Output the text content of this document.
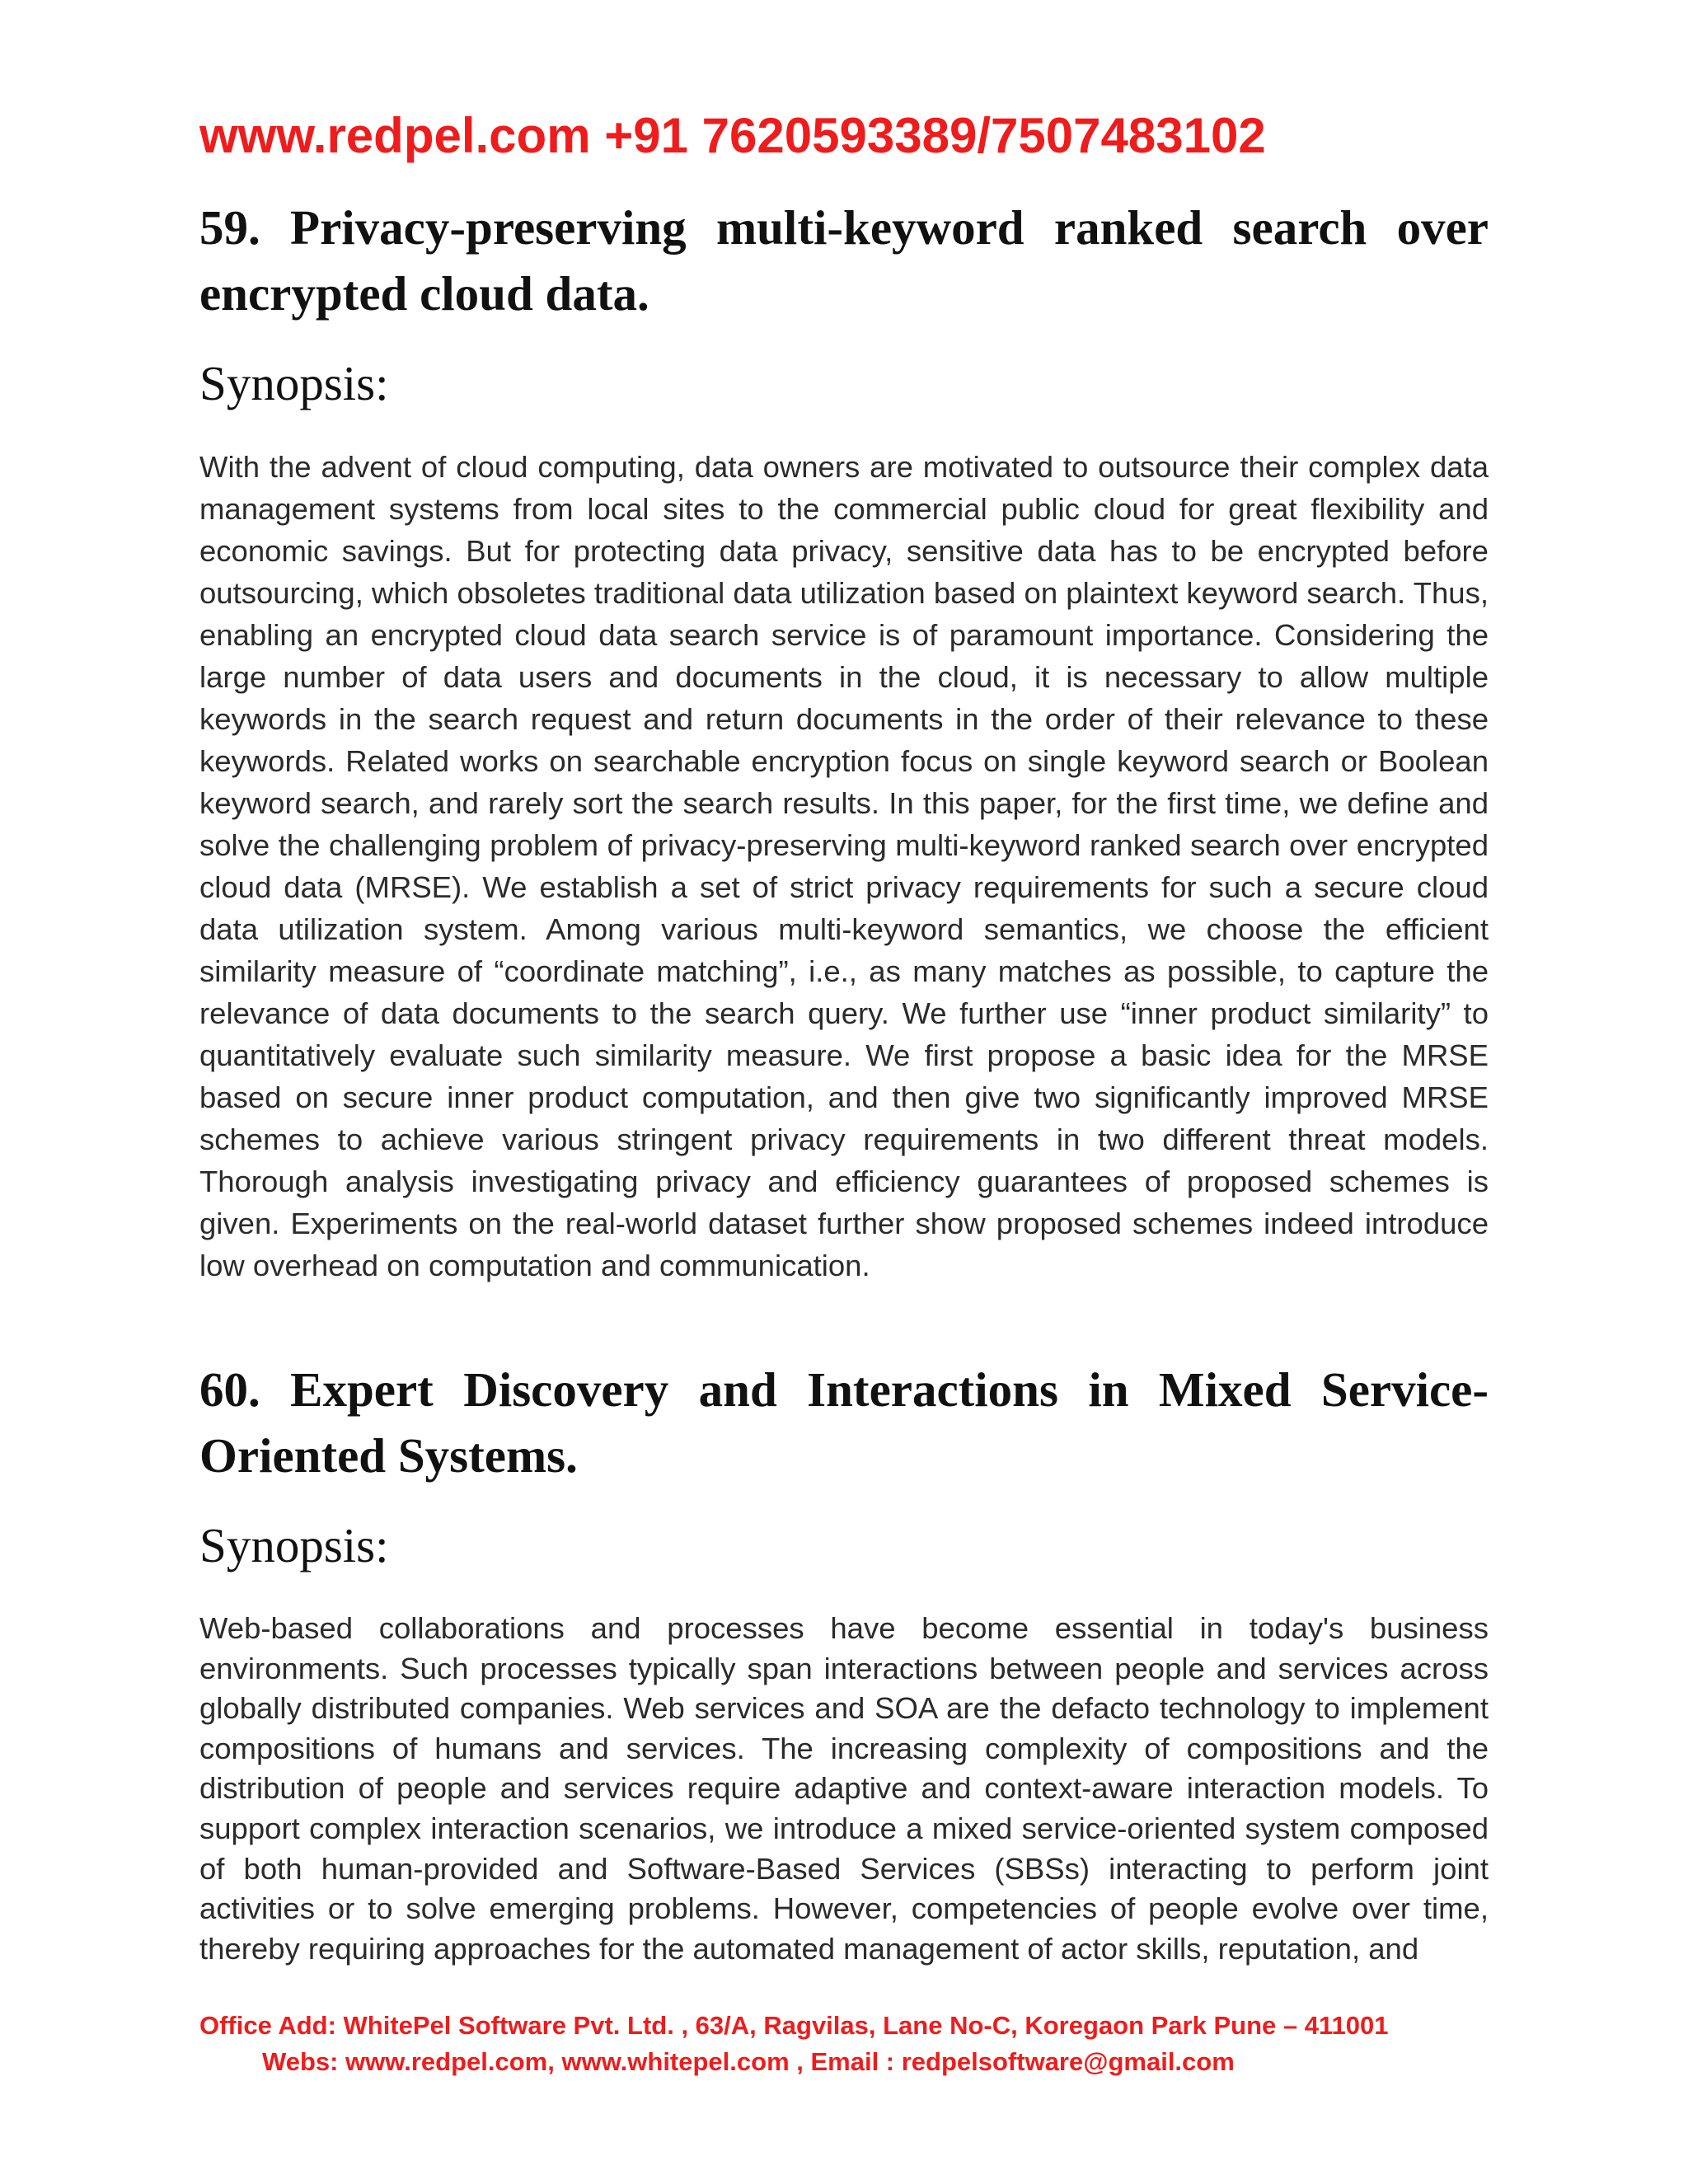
www.redpel.com +91 7620593389/7507483102
59. Privacy-preserving multi-keyword ranked search over encrypted cloud data.
Synopsis:

With the advent of cloud computing, data owners are motivated to outsource their complex data management systems from local sites to the commercial public cloud for great flexibility and economic savings. But for protecting data privacy, sensitive data has to be encrypted before outsourcing, which obsoletes traditional data utilization based on plaintext keyword search. Thus, enabling an encrypted cloud data search service is of paramount importance. Considering the large number of data users and documents in the cloud, it is necessary to allow multiple keywords in the search request and return documents in the order of their relevance to these keywords. Related works on searchable encryption focus on single keyword search or Boolean keyword search, and rarely sort the search results. In this paper, for the first time, we define and solve the challenging problem of privacy-preserving multi-keyword ranked search over encrypted cloud data (MRSE). We establish a set of strict privacy requirements for such a secure cloud data utilization system. Among various multi-keyword semantics, we choose the efficient similarity measure of “coordinate matching”, i.e., as many matches as possible, to capture the relevance of data documents to the search query. We further use “inner product similarity” to quantitatively evaluate such similarity measure. We first propose a basic idea for the MRSE based on secure inner product computation, and then give two significantly improved MRSE schemes to achieve various stringent privacy requirements in two different threat models. Thorough analysis investigating privacy and efficiency guarantees of proposed schemes is given. Experiments on the real-world dataset further show proposed schemes indeed introduce low overhead on computation and communication.

60. Expert Discovery and Interactions in Mixed Service-Oriented Systems.
Synopsis:

Web-based collaborations and processes have become essential in today's business environments. Such processes typically span interactions between people and services across globally distributed companies. Web services and SOA are the defacto technology to implement compositions of humans and services. The increasing complexity of compositions and the distribution of people and services require adaptive and context-aware interaction models. To support complex interaction scenarios, we introduce a mixed service-oriented system composed of both human-provided and Software-Based Services (SBSs) interacting to perform joint activities or to solve emerging problems. However, competencies of people evolve over time, thereby requiring approaches for the automated management of actor skills, reputation, and

Office Add: WhitePel Software Pvt. Ltd. , 63/A, Ragvilas, Lane No-C, Koregaon Park Pune – 411001
Webs: www.redpel.com, www.whitepel.com , Email : redpelsoftware@gmail.com
